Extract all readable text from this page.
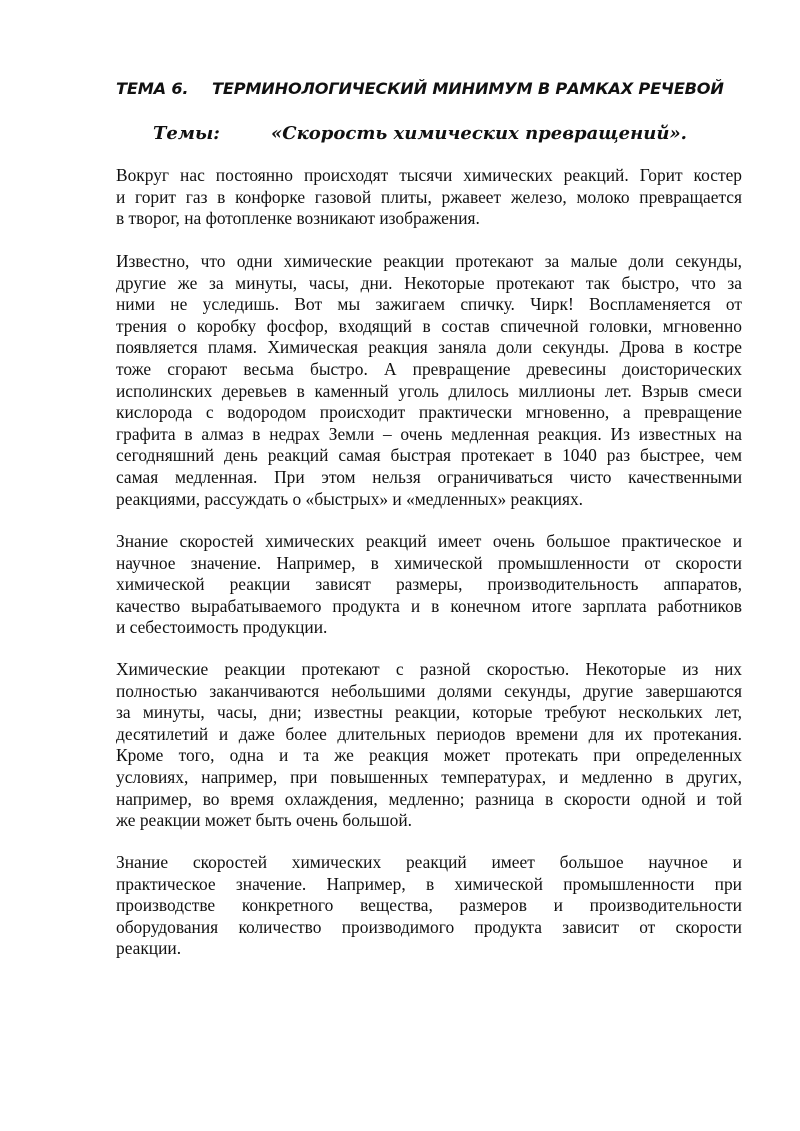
ТЕМА 6. ТЕРМИНОЛОГИЧЕСКИЙ МИНИМУМ В РАМКАХ РЕЧЕВОЙ
Темы:	«Скорость химических превращений».
Вокруг нас постоянно происходят тысячи химических реакций. Горит костер
и горит газ в конфорке газовой плиты, ржавеет железо, молоко превращается
в творог, на фотопленке возникают изображения.
Известно, что одни химические реакции протекают за малые доли секунды,
другие же за минуты, часы, дни. Некоторые протекают так быстро, что за
ними не уследишь. Вот мы зажигаем спичку. Чирк! Воспламеняется от
трения о коробку фосфор, входящий в состав спичечной головки, мгновенно
появляется пламя. Химическая реакция заняла доли секунды. Дрова в костре
тоже сгорают весьма быстро. А превращение древесины доисторических
исполинских деревьев в каменный уголь длилось миллионы лет. Взрыв смеси
кислорода с водородом происходит практически мгновенно, а превращение
графита в алмаз в недрах Земли – очень медленная реакция. Из известных на
сегодняшний день реакций самая быстрая протекает в 1040 раз быстрее, чем
самая медленная. При этом нельзя ограничиваться чисто качественными
реакциями, рассуждать о «быстрых» и «медленных» реакциях.
Знание скоростей химических реакций имеет очень большое практическое и
научное значение. Например, в химической промышленности от скорости
химической реакции зависят размеры, производительность аппаратов,
качество вырабатываемого продукта и в конечном итоге зарплата работников
и себестоимость продукции.
Химические реакции протекают с разной скоростью. Некоторые из них
полностью заканчиваются небольшими долями секунды, другие завершаются
за минуты, часы, дни; известны реакции, которые требуют нескольких лет,
десятилетий и даже более длительных периодов времени для их протекания.
Кроме того, одна и та же реакция может протекать при определенных
условиях, например, при повышенных температурах, и медленно в других,
например, во время охлаждения, медленно; разница в скорости одной и той
же реакции может быть очень большой.
Знание скоростей химических реакций имеет большое научное и
практическое значение. Например, в химической промышленности при
производстве конкретного вещества, размеров и производительности
оборудования количество производимого продукта зависит от скорости
реакции.
